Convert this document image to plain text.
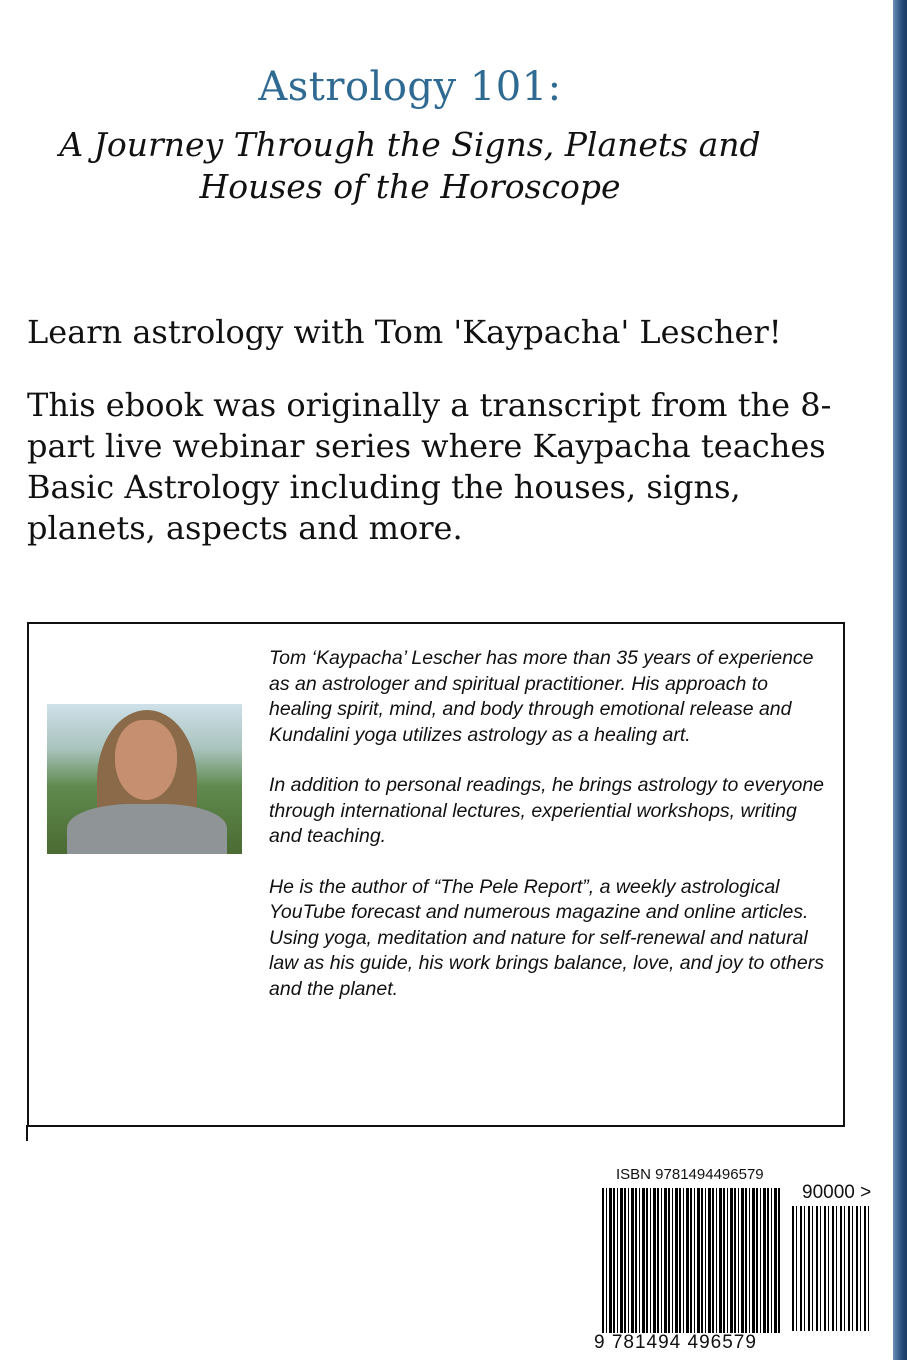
Astrology 101:
A Journey Through the Signs, Planets and Houses of the Horoscope

Learn astrology with Tom 'Kaypacha' Lescher!

This ebook was originally a transcript from the 8-part live webinar series where Kaypacha teaches Basic Astrology including the houses, signs, planets, aspects and more.

Tom ‘Kaypacha’ Lescher has more than 35 years of experience as an astrologer and spiritual practitioner. His approach to healing spirit, mind, and body through emotional release and Kundalini yoga utilizes astrology as a healing art.

In addition to personal readings, he brings astrology to everyone through international lectures, experiential workshops, writing and teaching.

He is the author of “The Pele Report”, a weekly astrological YouTube forecast and numerous magazine and online articles. Using yoga, meditation and nature for self-renewal and natural law as his guide, his work brings balance, love, and joy to others and the planet.

ISBN 9781494496579
90000 >
9 781494 496579
